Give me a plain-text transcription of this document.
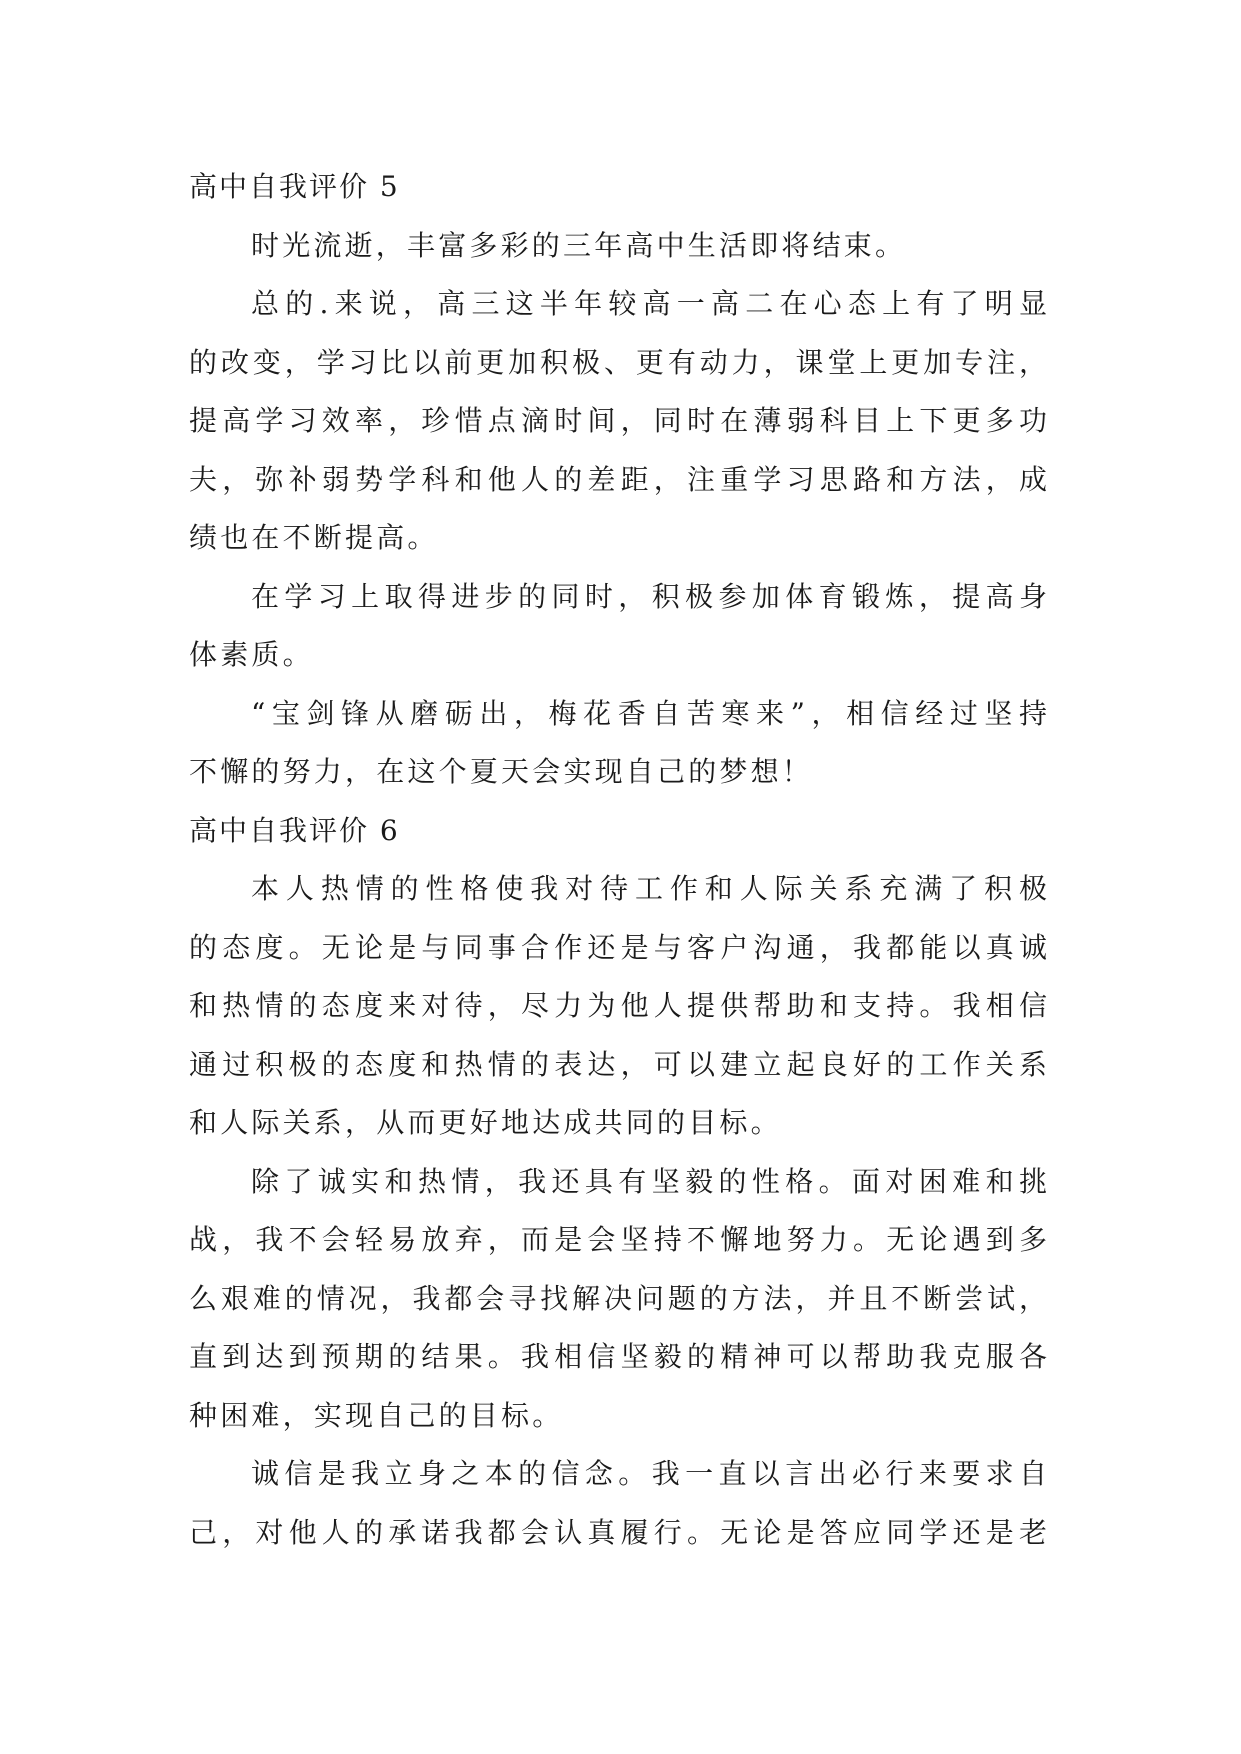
高中自我评价 5
时光流逝，丰富多彩的三年高中生活即将结束。
总的.来说，高三这半年较高一高二在心态上有了明显
的改变，学习比以前更加积极、更有动力，课堂上更加专注，
提高学习效率，珍惜点滴时间，同时在薄弱科目上下更多功
夫，弥补弱势学科和他人的差距，注重学习思路和方法，成
绩也在不断提高。
在学习上取得进步的同时，积极参加体育锻炼，提高身
体素质。
“宝剑锋从磨砺出，梅花香自苦寒来”，相信经过坚持
不懈的努力，在这个夏天会实现自己的梦想！
高中自我评价 6
本人热情的性格使我对待工作和人际关系充满了积极
的态度。无论是与同事合作还是与客户沟通，我都能以真诚
和热情的态度来对待，尽力为他人提供帮助和支持。我相信
通过积极的态度和热情的表达，可以建立起良好的工作关系
和人际关系，从而更好地达成共同的目标。
除了诚实和热情，我还具有坚毅的性格。面对困难和挑
战，我不会轻易放弃，而是会坚持不懈地努力。无论遇到多
么艰难的情况，我都会寻找解决问题的方法，并且不断尝试，
直到达到预期的结果。我相信坚毅的精神可以帮助我克服各
种困难，实现自己的目标。
诚信是我立身之本的信念。我一直以言出必行来要求自
己，对他人的承诺我都会认真履行。无论是答应同学还是老
